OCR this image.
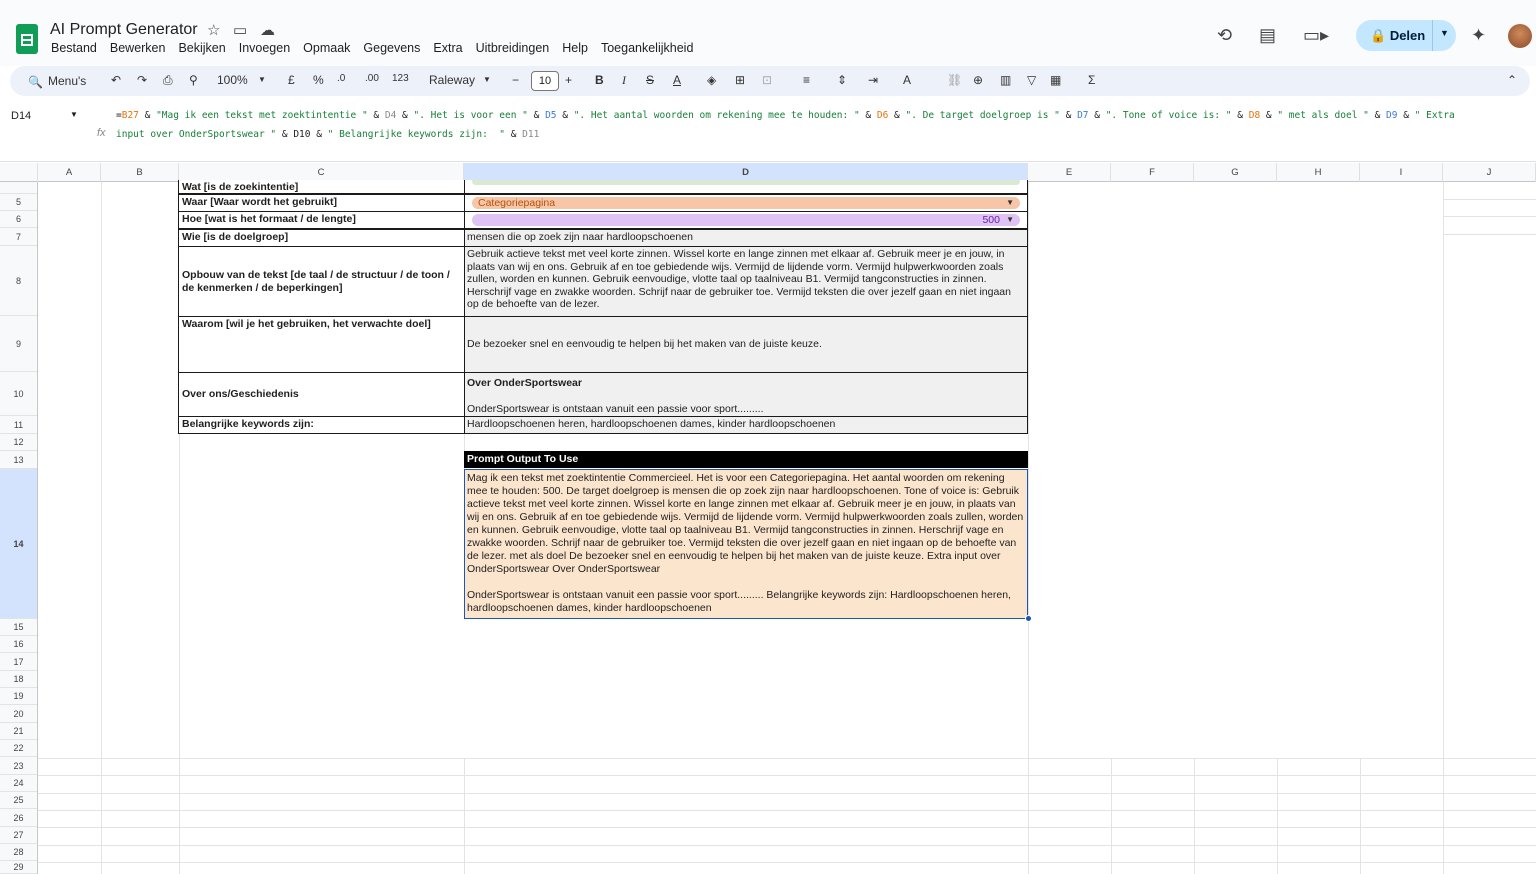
AI Prompt Generator ☆ ▭ ☁
Bestand Bewerken Bekijken Invoegen Opmaak Gegevens Extra Uitbreidingen Help Toegankelijkheid
⟲ ▤ ▭▸	🔒 Delen ▼ ✦
🔍 Menu's ↶ ↷ ⎙ ⚲ 100% ▼ £ % .0 .00 123 Raleway ▼ −	10	+ B I S A ◈ ⊞ ⊡	≡ ⇕ ⇥ A	⛓ ⊕ ▥ ▽ ▦ Σ	⌃
D14	▼
fx
=B27 & "Mag ik een tekst met zoektintentie " & D4 & ". Het is voor een " & D5 & ". Het aantal woorden om rekening mee te houden: " & D6 & ". De target doelgroep is " & D7 & ". Tone of voice is: " & D8 & " met als doel " & D9 & " Extra
input over OnderSportswear " & D10 & " Belangrijke keywords zijn:  " & D11
A	B	C	D	E	F	G	H	I	J
5
6
7
8
9
10
11
12
13
14
15
16
17
18
19
20
21
22
23
24
25
26
27
28
29
Wat [is de zoekintentie]
Waar [Waar wordt het gebruikt]	Categoriepagina	▼
Hoe [wat is het formaat / de lengte]	500 ▼
Wie [is de doelgroep]	mensen die op zoek zijn naar hardloopschoenen
Opbouw van de tekst [de taal / de structuur / de toon / de kenmerken / de beperkingen]
Gebruik actieve tekst met veel korte zinnen. Wissel korte en lange zinnen met elkaar af. Gebruik meer je en jouw, in plaats van wij en ons. Gebruik af en toe gebiedende wijs. Vermijd de lijdende vorm. Vermijd hulpwerkwoorden zoals zullen, worden en kunnen. Gebruik eenvoudige, vlotte taal op taalniveau B1. Vermijd tangconstructies in zinnen. Herschrijf vage en zwakke woorden. Schrijf naar de gebruiker toe. Vermijd teksten die over jezelf gaan en niet ingaan op de behoefte van de lezer.
Waarom [wil je het gebruiken, het verwachte doel]
De bezoeker snel en eenvoudig te helpen bij het maken van de juiste keuze.
Over ons/Geschiedenis
Over OnderSportswear
OnderSportswear is ontstaan vanuit een passie voor sport.........
Belangrijke keywords zijn:	Hardloopschoenen heren, hardloopschoenen dames, kinder hardloopschoenen
Prompt Output To Use
Mag ik een tekst met zoektintentie Commercieel. Het is voor een Categoriepagina. Het aantal woorden om rekening mee te houden: 500. De target doelgroep is mensen die op zoek zijn naar hardloopschoenen. Tone of voice is: Gebruik actieve tekst met veel korte zinnen. Wissel korte en lange zinnen met elkaar af. Gebruik meer je en jouw, in plaats van wij en ons. Gebruik af en toe gebiedende wijs. Vermijd de lijdende vorm. Vermijd hulpwerkwoorden zoals zullen, worden en kunnen. Gebruik eenvoudige, vlotte taal op taalniveau B1. Vermijd tangconstructies in zinnen. Herschrijf vage en zwakke woorden. Schrijf naar de gebruiker toe. Vermijd teksten die over jezelf gaan en niet ingaan op de behoefte van de lezer. met als doel De bezoeker snel en eenvoudig te helpen bij het maken van de juiste keuze. Extra input over OnderSportswear Over OnderSportswear
OnderSportswear is ontstaan vanuit een passie voor sport......... Belangrijke keywords zijn: Hardloopschoenen heren, hardloopschoenen dames, kinder hardloopschoenen
